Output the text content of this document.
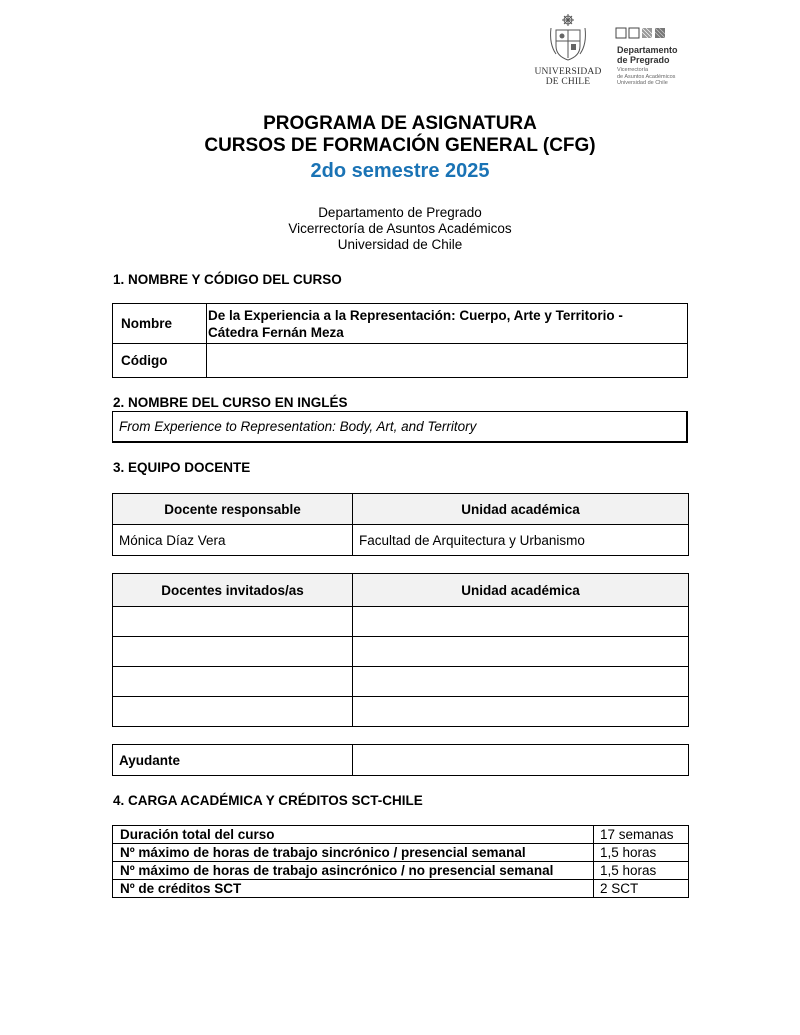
UNIVERSIDAD
DE CHILE
Departamento
de Pregrado
Vicerrectoría
de Asuntos Académicos
Universidad de Chile
PROGRAMA DE ASIGNATURA
CURSOS DE FORMACIÓN GENERAL (CFG)
2do semestre 2025
Departamento de Pregrado
Vicerrectoría de Asuntos Académicos
Universidad de Chile
1. NOMBRE Y CÓDIGO DEL CURSO
Nombre	De la Experiencia a la Representación: Cuerpo, Arte y Territorio -
Cátedra Fernán Meza

Código	
2. NOMBRE DEL CURSO EN INGLÉS
From Experience to Representation: Body, Art, and Territory
3. EQUIPO DOCENTE
Docente responsable	Unidad académica
Mónica Díaz Vera	Facultad de Arquitectura y Urbanismo
Docentes invitados/as	Unidad académica

Ayudante	
4. CARGA ACADÉMICA Y CRÉDITOS SCT-CHILE
Duración total del curso	17 semanas
Nº máximo de horas de trabajo sincrónico / presencial semanal	1,5 horas
Nº máximo de horas de trabajo asincrónico / no presencial semanal	1,5 horas
Nº de créditos SCT	2 SCT
